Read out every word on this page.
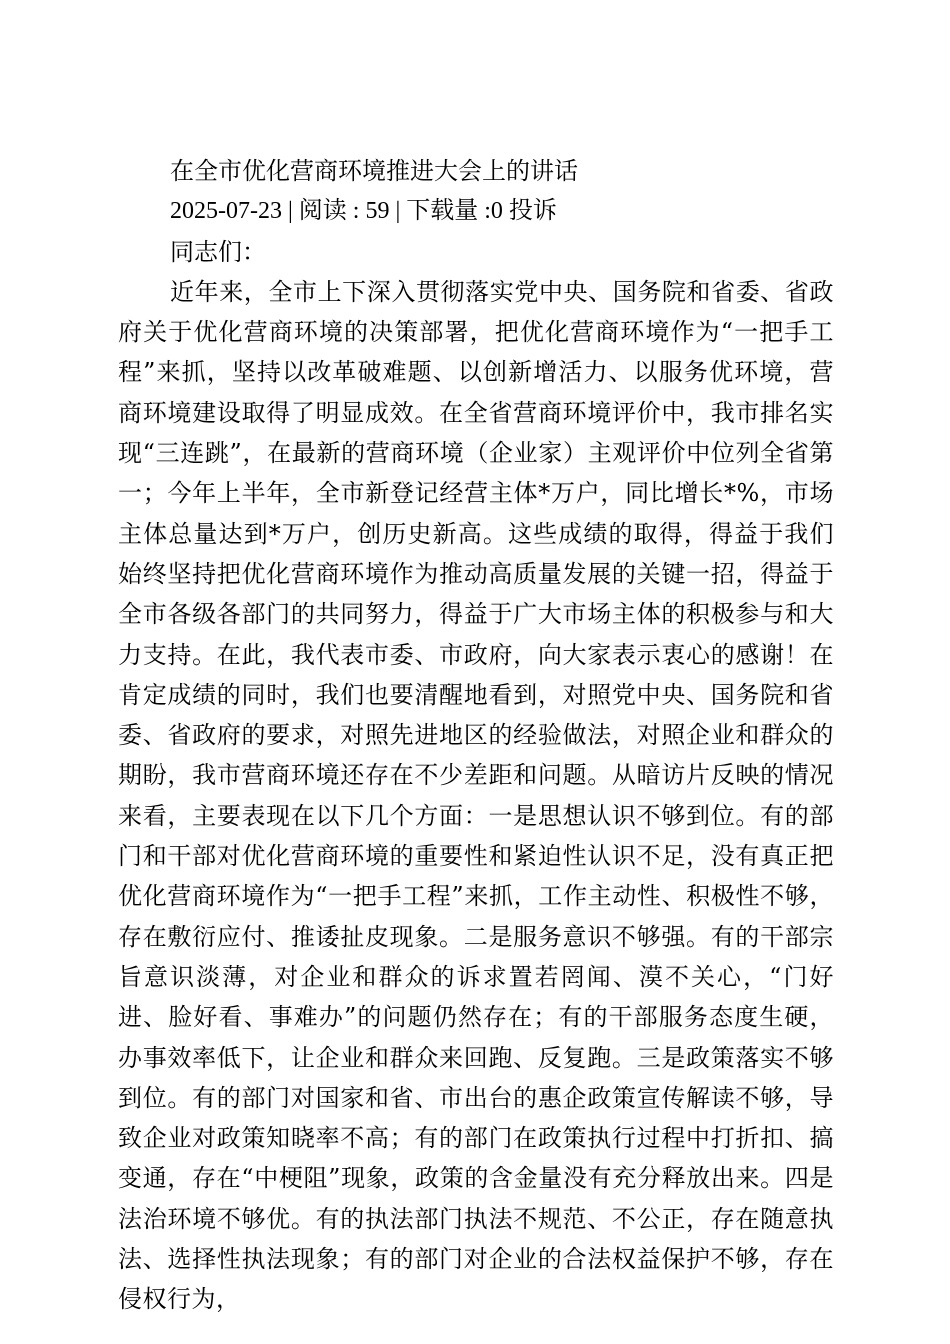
在全市优化营商环境推进大会上的讲话
2025-07-23 | 阅读 : 59 | 下载量 :0 投诉
同志们：

近年来，全市上下深入贯彻落实党中央、国务院和省委、省政府关于优化营商环境的决策部署，把优化营商环境作为“一把手工程”来抓，坚持以改革破难题、以创新增活力、以服务优环境，营商环境建设取得了明显成效。在全省营商环境评价中，我市排名实现“三连跳”，在最新的营商环境（企业家）主观评价中位列全省第一；今年上半年，全市新登记经营主体*万户，同比增长*%，市场主体总量达到*万户，创历史新高。这些成绩的取得，得益于我们始终坚持把优化营商环境作为推动高质量发展的关键一招，得益于全市各级各部门的共同努力，得益于广大市场主体的积极参与和大力支持。在此，我代表市委、市政府，向大家表示衷心的感谢！在肯定成绩的同时，我们也要清醒地看到，对照党中央、国务院和省委、省政府的要求，对照先进地区的经验做法，对照企业和群众的期盼，我市营商环境还存在不少差距和问题。从暗访片反映的情况来看，主要表现在以下几个方面：一是思想认识不够到位。有的部门和干部对优化营商环境的重要性和紧迫性认识不足，没有真正把优化营商环境作为“一把手工程”来抓，工作主动性、积极性不够，存在敷衍应付、推诿扯皮现象。二是服务意识不够强。有的干部宗旨意识淡薄，对企业和群众的诉求置若罔闻、漠不关心，“门好进、脸好看、事难办”的问题仍然存在；有的干部服务态度生硬，办事效率低下，让企业和群众来回跑、反复跑。三是政策落实不够到位。有的部门对国家和省、市出台的惠企政策宣传解读不够，导致企业对政策知晓率不高；有的部门在政策执行过程中打折扣、搞变通，存在“中梗阻”现象，政策的含金量没有充分释放出来。四是法治环境不够优。有的执法部门执法不规范、不公正，存在随意执法、选择性执法现象；有的部门对企业的合法权益保护不够，存在侵权行为，
